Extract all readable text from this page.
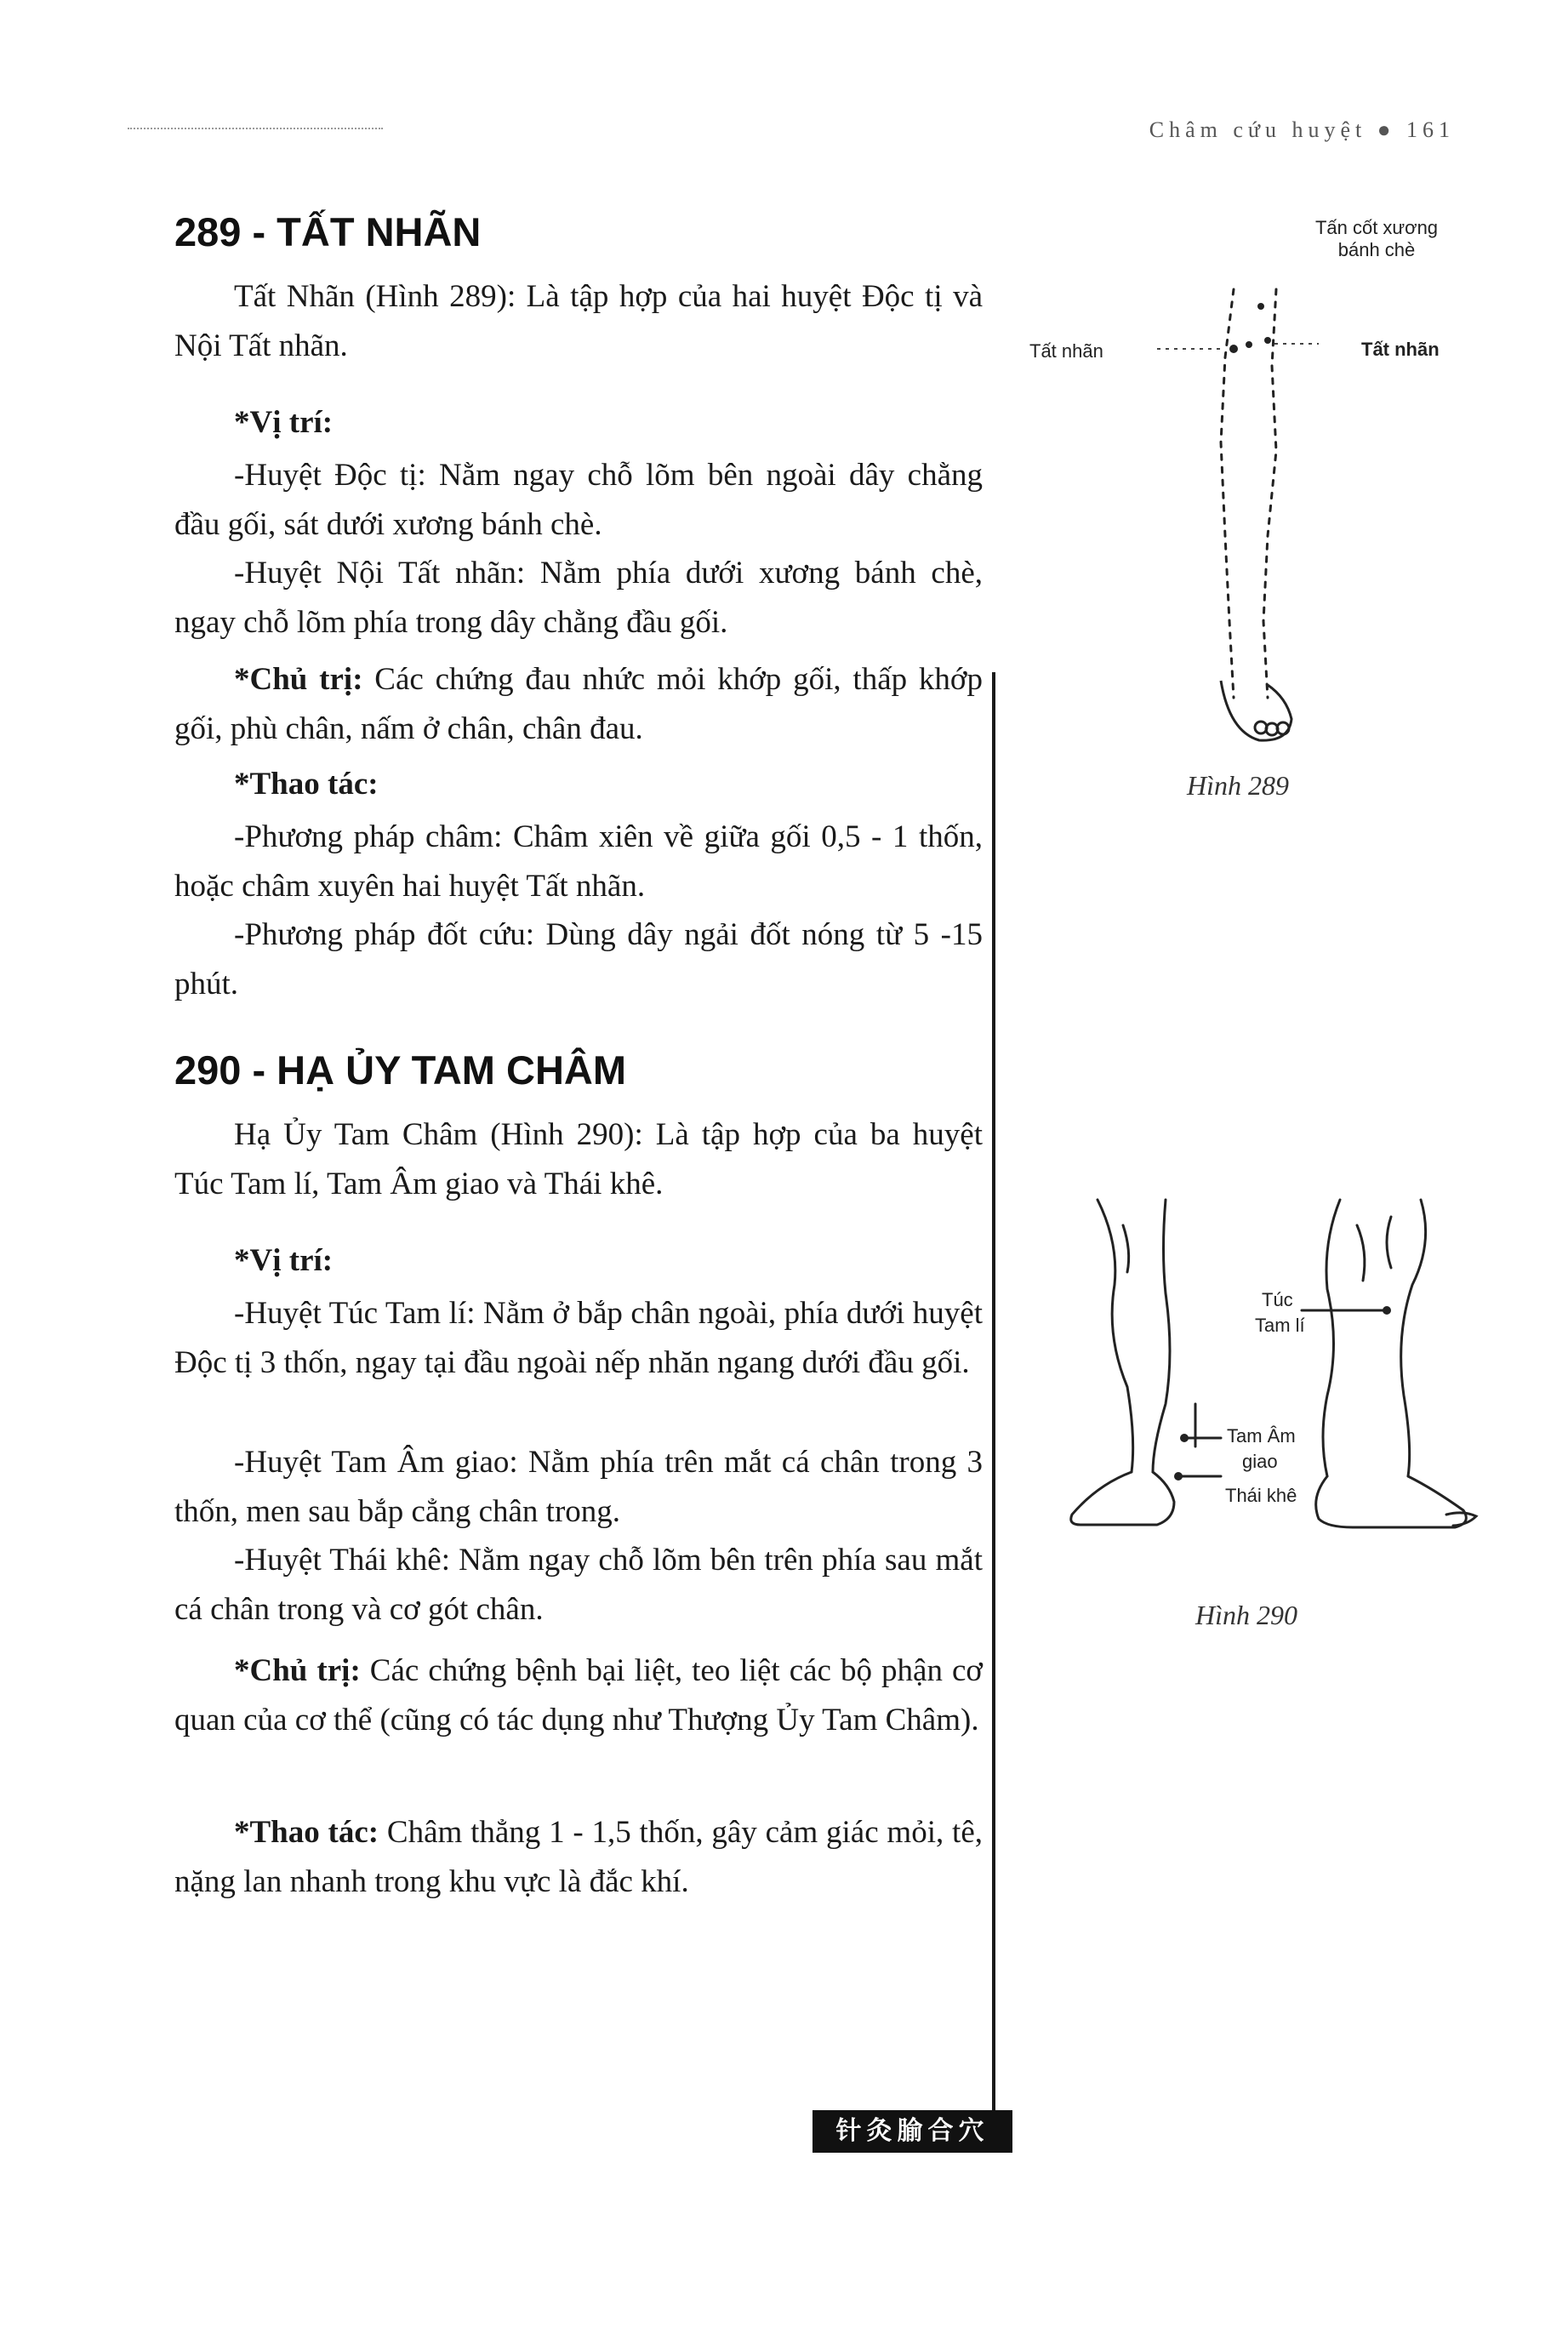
Châm cứu huyệt ● 161
289 - TẤT NHÃN
Tất Nhãn (Hình 289): Là tập hợp của hai huyệt Độc tị và Nội Tất nhãn.
*Vị trí:
-Huyệt Độc tị: Nằm ngay chỗ lõm bên ngoài dây chằng đầu gối, sát dưới xương bánh chè.
-Huyệt Nội Tất nhãn: Nằm phía dưới xương bánh chè, ngay chỗ lõm phía trong dây chằng đầu gối.
*Chủ trị: Các chứng đau nhức mỏi khớp gối, thấp khớp gối, phù chân, nấm ở chân, chân đau.
*Thao tác:
-Phương pháp châm: Châm xiên về giữa gối 0,5 - 1 thốn, hoặc châm xuyên hai huyệt Tất nhãn.
-Phương pháp đốt cứu: Dùng dây ngải đốt nóng từ 5 -15 phút.
Tấn cốt xương bánh chè
Tất nhãn	Tất nhãn
Hình 289
290 - HẠ ỦY TAM CHÂM
Hạ Ủy Tam Châm (Hình 290): Là tập hợp của ba huyệt Túc Tam lí, Tam Âm giao và Thái khê.
*Vị trí:
-Huyệt Túc Tam lí: Nằm ở bắp chân ngoài, phía dưới huyệt Độc tị 3 thốn, ngay tại đầu ngoài nếp nhăn ngang dưới đầu gối.
-Huyệt Tam Âm giao: Nằm phía trên mắt cá chân trong 3 thốn, men sau bắp cẳng chân trong.
-Huyệt Thái khê: Nằm ngay chỗ lõm bên trên phía sau mắt cá chân trong và cơ gót chân.
*Chủ trị: Các chứng bệnh bại liệt, teo liệt các bộ phận cơ quan của cơ thể (cũng có tác dụng như Thượng Ủy Tam Châm).
*Thao tác: Châm thẳng 1 - 1,5 thốn, gây cảm giác mỏi, tê, nặng lan nhanh trong khu vực là đắc khí.
Túc
Tam lí
Tam Âm
giao
Thái khê
Hình 290
针灸腧合穴
